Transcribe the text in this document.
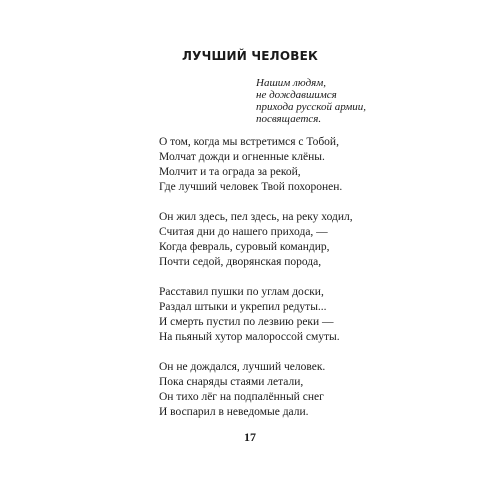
ЛУЧШИЙ ЧЕЛОВЕК
Нашим людям,
не дождавшимся
прихода русской армии,
посвящается.
О том, когда мы встретимся с Тобой,
Молчат дожди и огненные клёны.
Молчит и та ограда за рекой,
Где лучший человек Твой похоронен.
Он жил здесь, пел здесь, на реку ходил,
Считая дни до нашего прихода, —
Когда февраль, суровый командир,
Почти седой, дворянская порода,
Расставил пушки по углам доски,
Раздал штыки и укрепил редуты...
И смерть пустил по лезвию реки —
На пьяный хутор малороссой смуты.
Он не дождался, лучший человек.
Пока снаряды стаями летали,
Он тихо лёг на подпалённый снег
И воспарил в неведомые дали.
17
